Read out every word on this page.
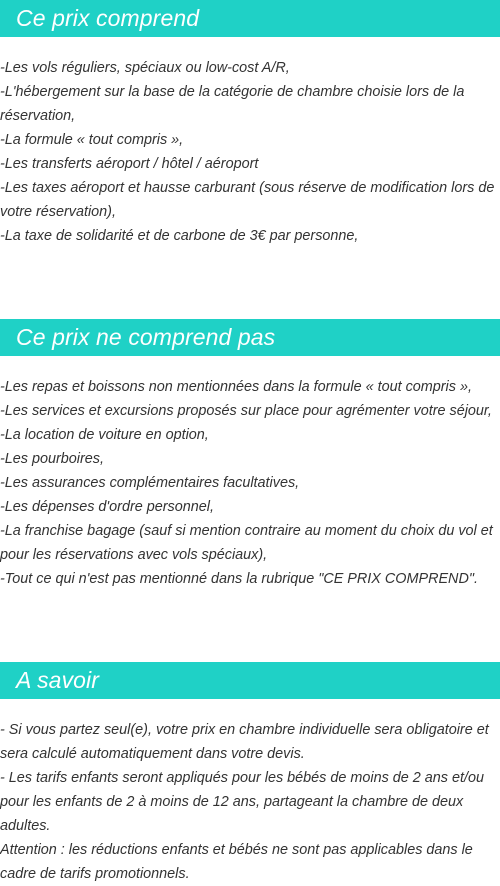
Ce prix comprend
-Les vols réguliers, spéciaux ou low-cost A/R,
-L'hébergement sur la base de la catégorie de chambre choisie lors de la réservation,
-La formule « tout compris »,
-Les transferts aéroport / hôtel / aéroport
-Les taxes aéroport et hausse carburant (sous réserve de modification lors de votre réservation),
-La taxe de solidarité et de carbone de 3€ par personne,
Ce prix ne comprend pas
-Les repas et boissons non mentionnées dans la formule « tout compris »,
-Les services et excursions proposés sur place pour agrémenter votre séjour,
-La location de voiture en option,
-Les pourboires,
-Les assurances complémentaires facultatives,
-Les dépenses d'ordre personnel,
-La franchise bagage (sauf si mention contraire au moment du choix du vol et pour les réservations avec vols spéciaux),
-Tout ce qui n'est pas mentionné dans la rubrique "CE PRIX COMPREND".
A savoir
- Si vous partez seul(e), votre prix en chambre individuelle sera obligatoire et sera calculé automatiquement dans votre devis.
- Les tarifs enfants seront appliqués pour les bébés de moins de 2 ans et/ou pour les enfants de 2 à moins de 12 ans, partageant la chambre de deux adultes.
Attention : les réductions enfants et bébés ne sont pas applicables dans le cadre de tarifs promotionnels.
